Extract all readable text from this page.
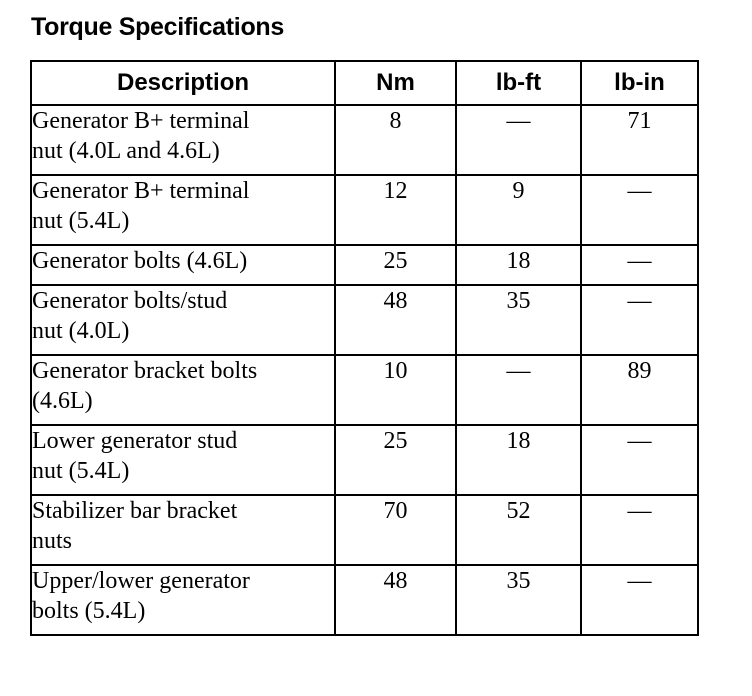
Torque Specifications
Description	Nm	lb-ft	lb-in
Generator B+ terminal
nut (4.0L and 4.6L)	8	—	71
Generator B+ terminal
nut (5.4L)	12	9	—
Generator bolts (4.6L)	25	18	—
Generator bolts/stud
nut (4.0L)	48	35	—
Generator bracket bolts
(4.6L)	10	—	89
Lower generator stud
nut (5.4L)	25	18	—
Stabilizer bar bracket
nuts	70	52	—
Upper/lower generator
bolts (5.4L)	48	35	—
